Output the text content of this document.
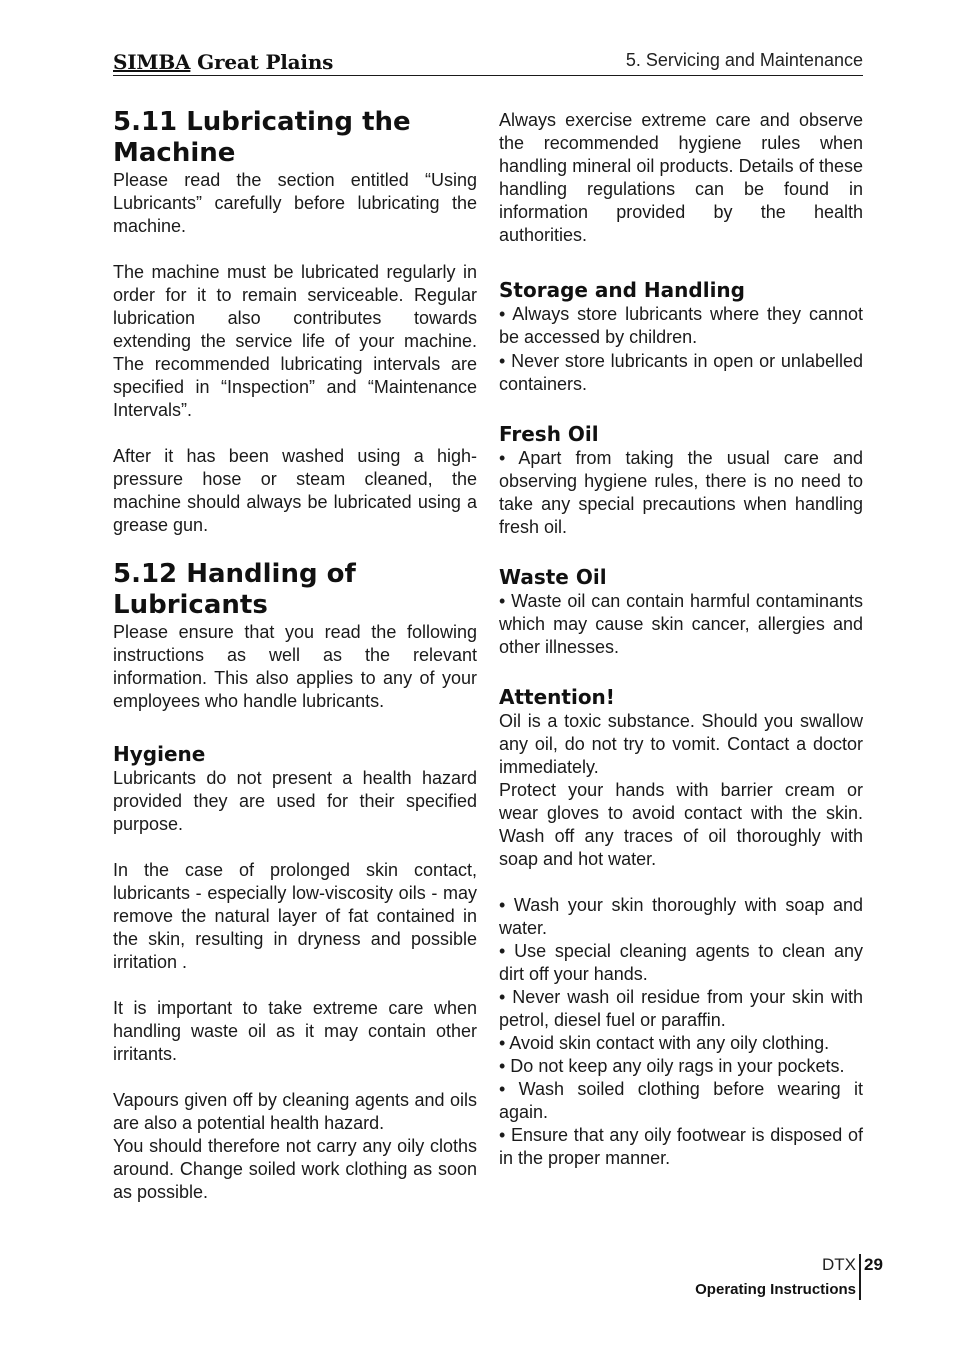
SIMBA Great Plains	5. Servicing and Maintenance
5.11 Lubricating the Machine

Please read the section entitled “Using Lubricants” carefully before lubricating the machine.

The machine must be lubricated regularly in order for it to remain serviceable. Regular lubrication also contributes towards extending the service life of your machine. The recommended lubricating intervals are specified in “Inspection” and “Maintenance Intervals”.

After it has been washed using a high-pressure hose or steam cleaned, the machine should always be lubricated using a grease gun.

5.12 Handling of Lubricants

Please ensure that you read the following instructions as well as the relevant information. This also applies to any of your employees who handle lubricants.

Hygiene

Lubricants do not present a health hazard provided they are used for their specified purpose.

In the case of prolonged skin contact, lubricants - especially low-viscosity oils - may remove the natural layer of fat contained in the skin, resulting in dryness and possible irritation .

It is important to take extreme care when handling waste oil as it may contain other irritants.

Vapours given off by cleaning agents and oils are also a potential health hazard.

You should therefore not carry any oily cloths around. Change soiled work clothing as soon as possible.

Always exercise extreme care and observe the recommended hygiene rules when handling mineral oil products. Details of these handling regulations can be found in information provided by the health authorities.

Storage and Handling

• Always store lubricants where they cannot be accessed by children.

• Never store lubricants in open or unlabelled containers.

Fresh Oil

• Apart from taking the usual care and observing hygiene rules, there is no need to take any special precautions when handling fresh oil.

Waste Oil

• Waste oil can contain harmful contaminants which may cause skin cancer, allergies and other illnesses.

Attention!

Oil is a toxic substance. Should you swallow any oil, do not try to vomit. Contact a doctor immediately.

Protect your hands with barrier cream or wear gloves to avoid contact with the skin. Wash off any traces of oil thoroughly with soap and hot water.

• Wash your skin thoroughly with soap and water.

• Use special cleaning agents to clean any dirt off your hands.

• Never wash oil residue from your skin with petrol, diesel fuel or paraffin.

• Avoid skin contact with any oily clothing.

• Do not keep any oily rags in your pockets.

• Wash soiled clothing before wearing it again.

• Ensure that any oily footwear is disposed of in the proper manner.

DTX 29
Operating Instructions
